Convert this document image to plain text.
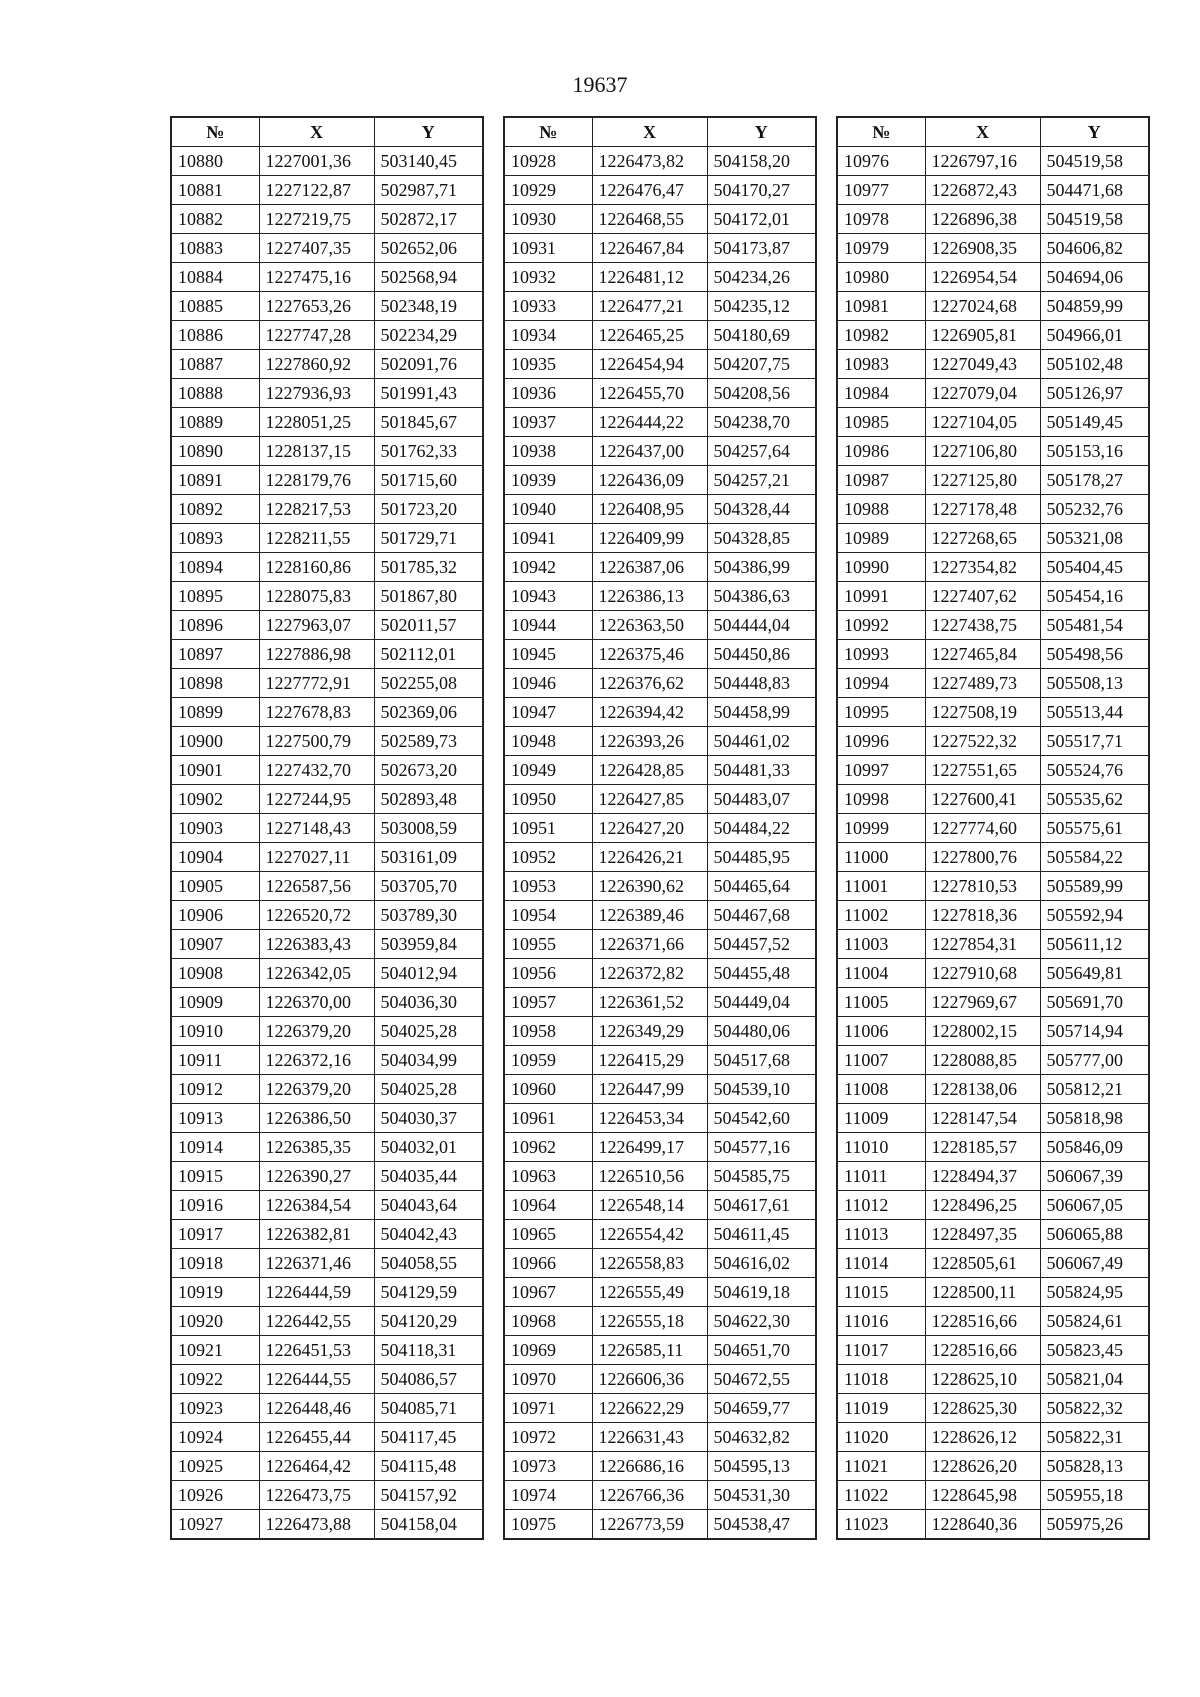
19637
№	X	Y
10880	1227001,36	503140,45
10881	1227122,87	502987,71
10882	1227219,75	502872,17
10883	1227407,35	502652,06
10884	1227475,16	502568,94
10885	1227653,26	502348,19
10886	1227747,28	502234,29
10887	1227860,92	502091,76
10888	1227936,93	501991,43
10889	1228051,25	501845,67
10890	1228137,15	501762,33
10891	1228179,76	501715,60
10892	1228217,53	501723,20
10893	1228211,55	501729,71
10894	1228160,86	501785,32
10895	1228075,83	501867,80
10896	1227963,07	502011,57
10897	1227886,98	502112,01
10898	1227772,91	502255,08
10899	1227678,83	502369,06
10900	1227500,79	502589,73
10901	1227432,70	502673,20
10902	1227244,95	502893,48
10903	1227148,43	503008,59
10904	1227027,11	503161,09
10905	1226587,56	503705,70
10906	1226520,72	503789,30
10907	1226383,43	503959,84
10908	1226342,05	504012,94
10909	1226370,00	504036,30
10910	1226379,20	504025,28
10911	1226372,16	504034,99
10912	1226379,20	504025,28
10913	1226386,50	504030,37
10914	1226385,35	504032,01
10915	1226390,27	504035,44
10916	1226384,54	504043,64
10917	1226382,81	504042,43
10918	1226371,46	504058,55
10919	1226444,59	504129,59
10920	1226442,55	504120,29
10921	1226451,53	504118,31
10922	1226444,55	504086,57
10923	1226448,46	504085,71
10924	1226455,44	504117,45
10925	1226464,42	504115,48
10926	1226473,75	504157,92
10927	1226473,88	504158,04
№	X	Y
10928	1226473,82	504158,20
10929	1226476,47	504170,27
10930	1226468,55	504172,01
10931	1226467,84	504173,87
10932	1226481,12	504234,26
10933	1226477,21	504235,12
10934	1226465,25	504180,69
10935	1226454,94	504207,75
10936	1226455,70	504208,56
10937	1226444,22	504238,70
10938	1226437,00	504257,64
10939	1226436,09	504257,21
10940	1226408,95	504328,44
10941	1226409,99	504328,85
10942	1226387,06	504386,99
10943	1226386,13	504386,63
10944	1226363,50	504444,04
10945	1226375,46	504450,86
10946	1226376,62	504448,83
10947	1226394,42	504458,99
10948	1226393,26	504461,02
10949	1226428,85	504481,33
10950	1226427,85	504483,07
10951	1226427,20	504484,22
10952	1226426,21	504485,95
10953	1226390,62	504465,64
10954	1226389,46	504467,68
10955	1226371,66	504457,52
10956	1226372,82	504455,48
10957	1226361,52	504449,04
10958	1226349,29	504480,06
10959	1226415,29	504517,68
10960	1226447,99	504539,10
10961	1226453,34	504542,60
10962	1226499,17	504577,16
10963	1226510,56	504585,75
10964	1226548,14	504617,61
10965	1226554,42	504611,45
10966	1226558,83	504616,02
10967	1226555,49	504619,18
10968	1226555,18	504622,30
10969	1226585,11	504651,70
10970	1226606,36	504672,55
10971	1226622,29	504659,77
10972	1226631,43	504632,82
10973	1226686,16	504595,13
10974	1226766,36	504531,30
10975	1226773,59	504538,47
№	X	Y
10976	1226797,16	504519,58
10977	1226872,43	504471,68
10978	1226896,38	504519,58
10979	1226908,35	504606,82
10980	1226954,54	504694,06
10981	1227024,68	504859,99
10982	1226905,81	504966,01
10983	1227049,43	505102,48
10984	1227079,04	505126,97
10985	1227104,05	505149,45
10986	1227106,80	505153,16
10987	1227125,80	505178,27
10988	1227178,48	505232,76
10989	1227268,65	505321,08
10990	1227354,82	505404,45
10991	1227407,62	505454,16
10992	1227438,75	505481,54
10993	1227465,84	505498,56
10994	1227489,73	505508,13
10995	1227508,19	505513,44
10996	1227522,32	505517,71
10997	1227551,65	505524,76
10998	1227600,41	505535,62
10999	1227774,60	505575,61
11000	1227800,76	505584,22
11001	1227810,53	505589,99
11002	1227818,36	505592,94
11003	1227854,31	505611,12
11004	1227910,68	505649,81
11005	1227969,67	505691,70
11006	1228002,15	505714,94
11007	1228088,85	505777,00
11008	1228138,06	505812,21
11009	1228147,54	505818,98
11010	1228185,57	505846,09
11011	1228494,37	506067,39
11012	1228496,25	506067,05
11013	1228497,35	506065,88
11014	1228505,61	506067,49
11015	1228500,11	505824,95
11016	1228516,66	505824,61
11017	1228516,66	505823,45
11018	1228625,10	505821,04
11019	1228625,30	505822,32
11020	1228626,12	505822,31
11021	1228626,20	505828,13
11022	1228645,98	505955,18
11023	1228640,36	505975,26
